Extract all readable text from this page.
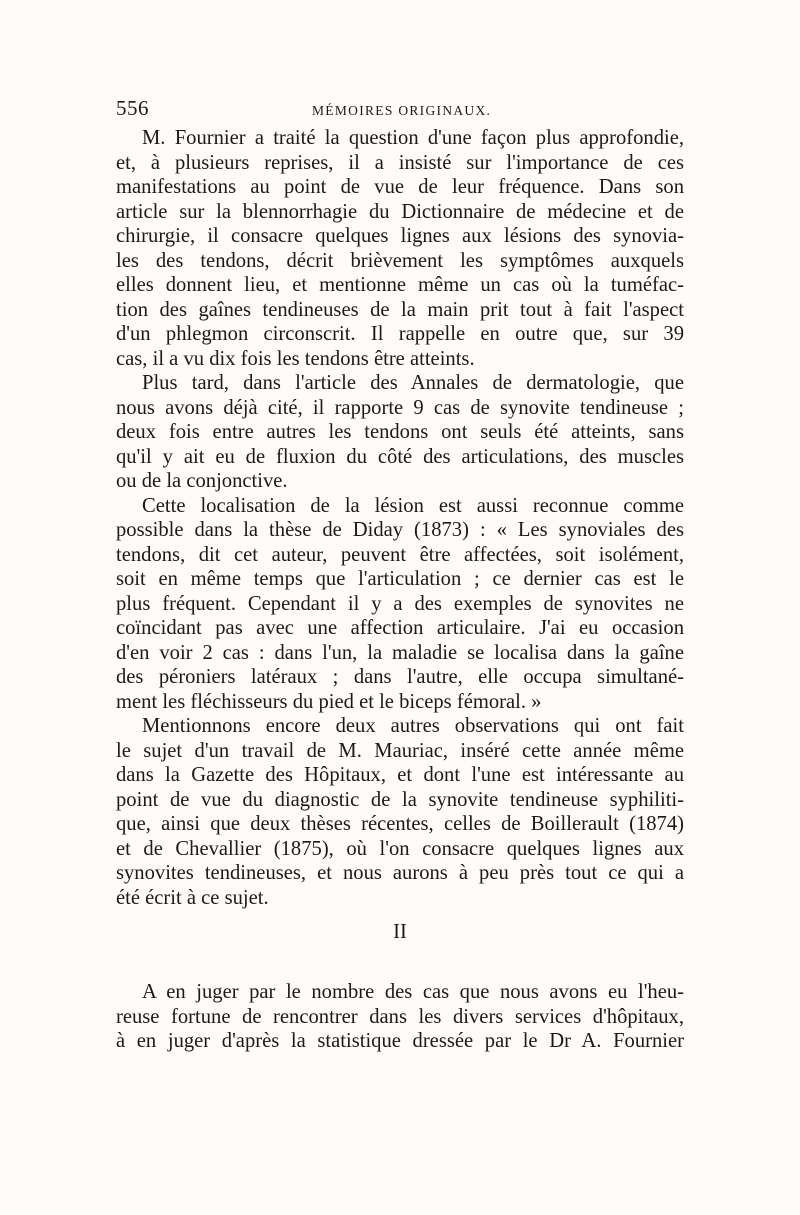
556	MÉMOIRES ORIGINAUX.

M. Fournier a traité la question d'une façon plus approfondie,
et, à plusieurs reprises, il a insisté sur l'importance de ces
manifestations au point de vue de leur fréquence. Dans son
article sur la blennorrhagie du Dictionnaire de médecine et de
chirurgie, il consacre quelques lignes aux lésions des synovia-
les des tendons, décrit brièvement les symptômes auxquels
elles donnent lieu, et mentionne même un cas où la tuméfac-
tion des gaînes tendineuses de la main prit tout à fait l'aspect
d'un phlegmon circonscrit. Il rappelle en outre que, sur 39
cas, il a vu dix fois les tendons être atteints.

Plus tard, dans l'article des Annales de dermatologie, que
nous avons déjà cité, il rapporte 9 cas de synovite tendineuse ;
deux fois entre autres les tendons ont seuls été atteints, sans
qu'il y ait eu de fluxion du côté des articulations, des muscles
ou de la conjonctive.

Cette localisation de la lésion est aussi reconnue comme
possible dans la thèse de Diday (1873) : « Les synoviales des
tendons, dit cet auteur, peuvent être affectées, soit isolément,
soit en même temps que l'articulation ; ce dernier cas est le
plus fréquent. Cependant il y a des exemples de synovites ne
coïncidant pas avec une affection articulaire. J'ai eu occasion
d'en voir 2 cas : dans l'un, la maladie se localisa dans la gaîne
des péroniers latéraux ; dans l'autre, elle occupa simultané-
ment les fléchisseurs du pied et le biceps fémoral. »

Mentionnons encore deux autres observations qui ont fait
le sujet d'un travail de M. Mauriac, inséré cette année même
dans la Gazette des Hôpitaux, et dont l'une est intéressante au
point de vue du diagnostic de la synovite tendineuse syphiliti-
que, ainsi que deux thèses récentes, celles de Boillerault (1874)
et de Chevallier (1875), où l'on consacre quelques lignes aux
synovites tendineuses, et nous aurons à peu près tout ce qui a
été écrit à ce sujet.

II

A en juger par le nombre des cas que nous avons eu l'heu-
reuse fortune de rencontrer dans les divers services d'hôpitaux,
à en juger d'après la statistique dressée par le Dr A. Fournier
